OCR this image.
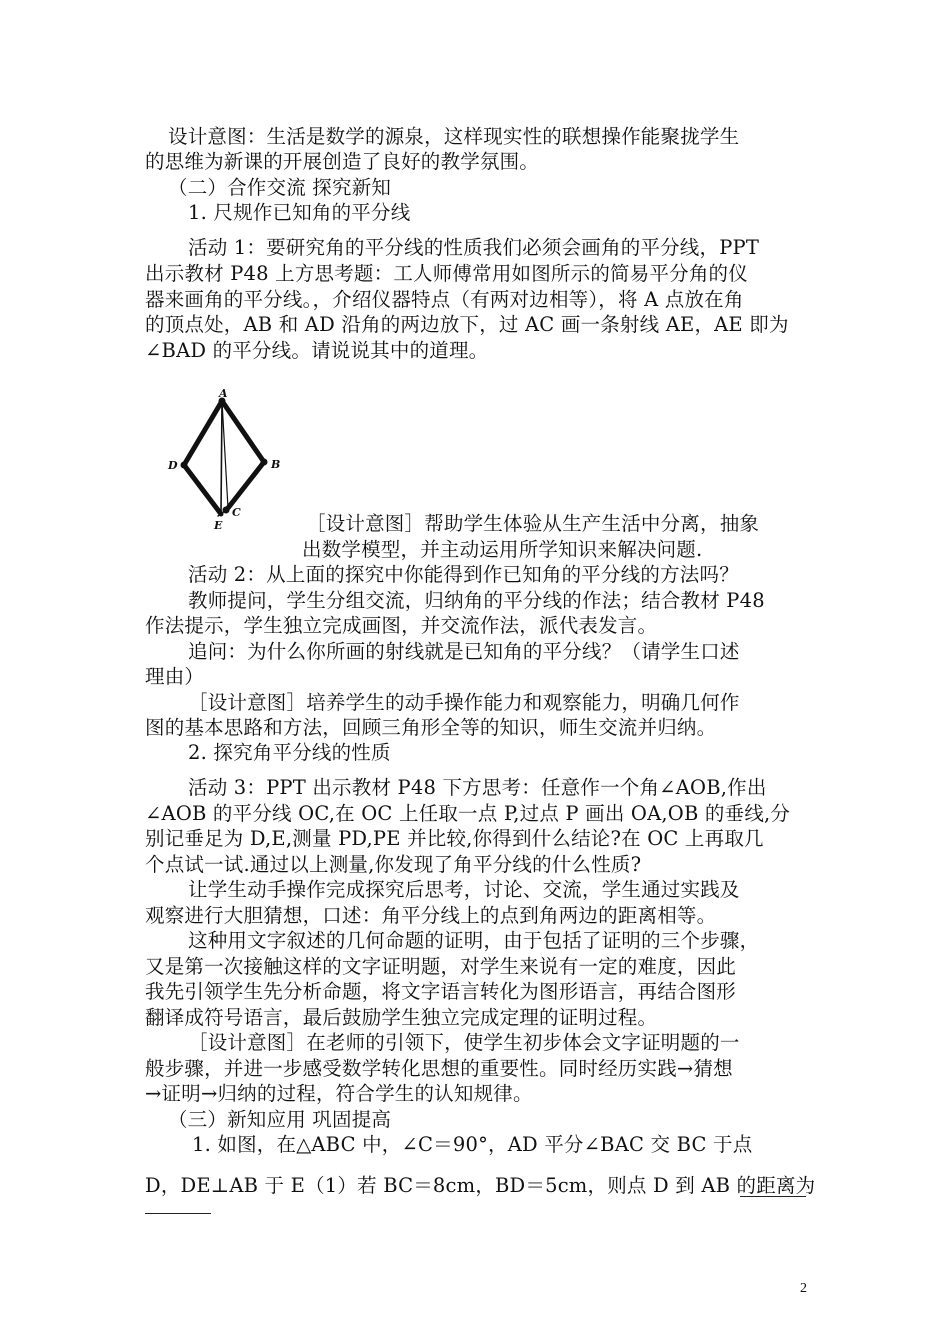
设计意图：生活是数学的源泉，这样现实性的联想操作能聚拢学生
的思维为新课的开展创造了良好的教学氛围。
（二）合作交流 探究新知
1. 尺规作已知角的平分线
活动 1：要研究角的平分线的性质我们必须会画角的平分线，PPT
出示教材 P48 上方思考题：工人师傅常用如图所示的简易平分角的仪
器来画角的平分线。，介绍仪器特点（有两对边相等），将 A 点放在角
的顶点处，AB 和 AD 沿角的两边放下，过 AC 画一条射线 AE，AE 即为
∠BAD 的平分线。请说说其中的道理。
A
B
C
D
E	［设计意图］帮助学生体验从生产生活中分离，抽象
出数学模型，并主动运用所学知识来解决问题.
活动 2：从上面的探究中你能得到作已知角的平分线的方法吗？
教师提问，学生分组交流，归纳角的平分线的作法；结合教材 P48
作法提示，学生独立完成画图，并交流作法，派代表发言。
追问：为什么你所画的射线就是已知角的平分线？（请学生口述
理由）
［设计意图］培养学生的动手操作能力和观察能力，明确几何作
图的基本思路和方法，回顾三角形全等的知识，师生交流并归纳。
2. 探究角平分线的性质
活动 3：PPT 出示教材 P48 下方思考：任意作一个角∠AOB,作出
∠AOB 的平分线 OC,在 OC 上任取一点 P,过点 P 画出 OA,OB 的垂线,分
别记垂足为 D,E,测量 PD,PE 并比较,你得到什么结论?在 OC 上再取几
个点试一试.通过以上测量,你发现了角平分线的什么性质?
让学生动手操作完成探究后思考，讨论、交流，学生通过实践及
观察进行大胆猜想，口述：角平分线上的点到角两边的距离相等。
这种用文字叙述的几何命题的证明，由于包括了证明的三个步骤，
又是第一次接触这样的文字证明题，对学生来说有一定的难度，因此
我先引领学生先分析命题，将文字语言转化为图形语言，再结合图形
翻译成符号语言，最后鼓励学生独立完成定理的证明过程。
［设计意图］在老师的引领下，使学生初步体会文字证明题的一
般步骤，并进一步感受数学转化思想的重要性。同时经历实践→猜想
→证明→归纳的过程，符合学生的认知规律。
（三）新知应用 巩固提高
1. 如图，在△ABC 中，∠C＝90°，AD 平分∠BAC 交 BC 于点
D，DE⊥AB 于 E（1）若 BC＝8cm，BD＝5cm，则点 D 到 AB 的距离为
2
